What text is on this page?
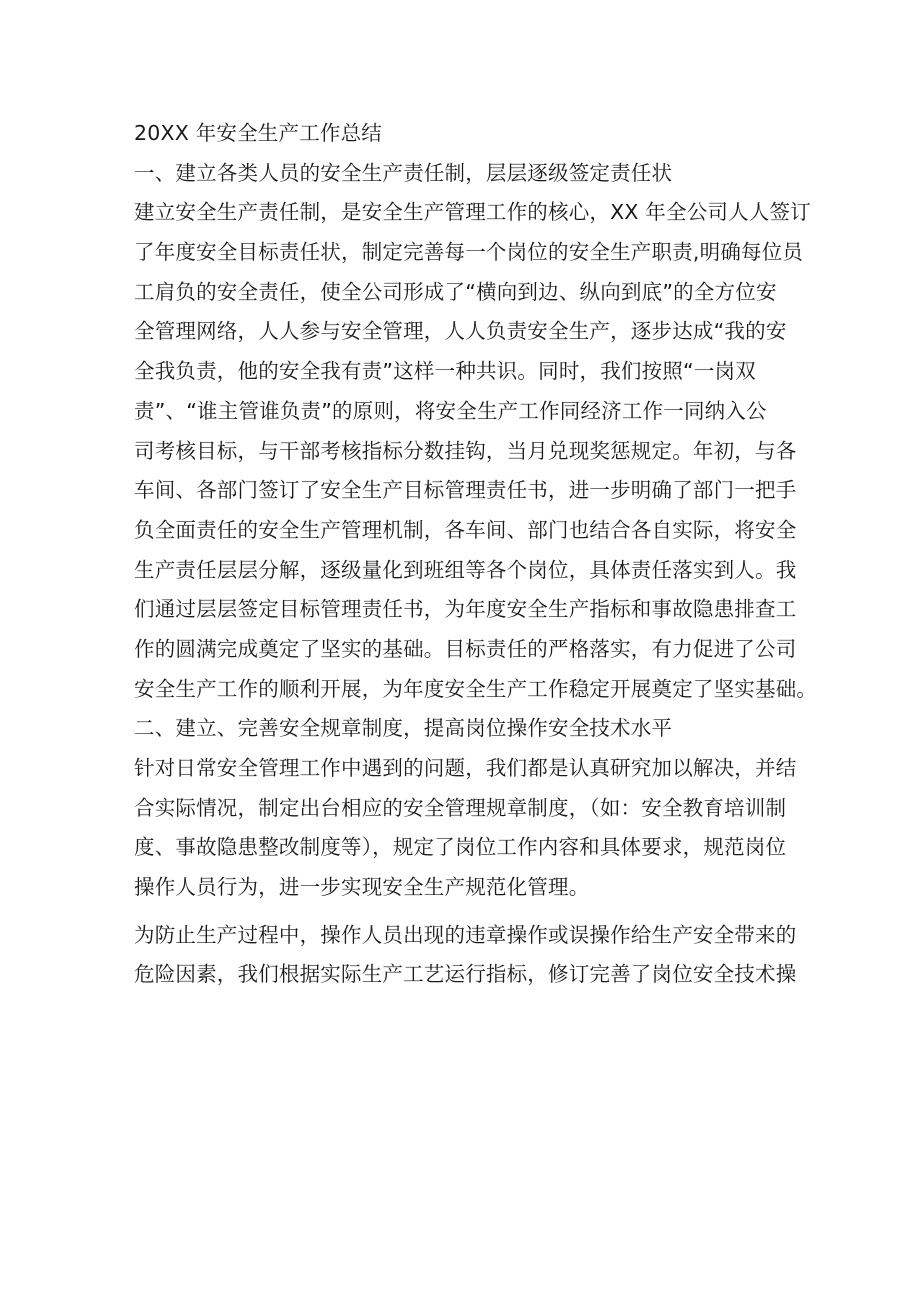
20XX 年安全生产工作总结
一、建立各类人员的安全生产责任制，层层逐级签定责任状
建立安全生产责任制，是安全生产管理工作的核心，XX 年全公司人人签订
了年度安全目标责任状，制定完善每一个岗位的安全生产职责,明确每位员
工肩负的安全责任，使全公司形成了“横向到边、纵向到底”的全方位安
全管理网络，人人参与安全管理，人人负责安全生产，逐步达成“我的安
全我负责，他的安全我有责”这样一种共识。同时，我们按照“一岗双
责”、“谁主管谁负责”的原则，将安全生产工作同经济工作一同纳入公
司考核目标，与干部考核指标分数挂钩，当月兑现奖惩规定。年初，与各
车间、各部门签订了安全生产目标管理责任书，进一步明确了部门一把手
负全面责任的安全生产管理机制，各车间、部门也结合各自实际，将安全
生产责任层层分解，逐级量化到班组等各个岗位，具体责任落实到人。我
们通过层层签定目标管理责任书，为年度安全生产指标和事故隐患排查工
作的圆满完成奠定了坚实的基础。目标责任的严格落实，有力促进了公司
安全生产工作的顺利开展，为年度安全生产工作稳定开展奠定了坚实基础。
二、建立、完善安全规章制度，提高岗位操作安全技术水平
针对日常安全管理工作中遇到的问题，我们都是认真研究加以解决，并结
合实际情况，制定出台相应的安全管理规章制度，（如：安全教育培训制
度、事故隐患整改制度等），规定了岗位工作内容和具体要求，规范岗位
操作人员行为，进一步实现安全生产规范化管理。
为防止生产过程中，操作人员出现的违章操作或误操作给生产安全带来的
危险因素，我们根据实际生产工艺运行指标，修订完善了岗位安全技术操
